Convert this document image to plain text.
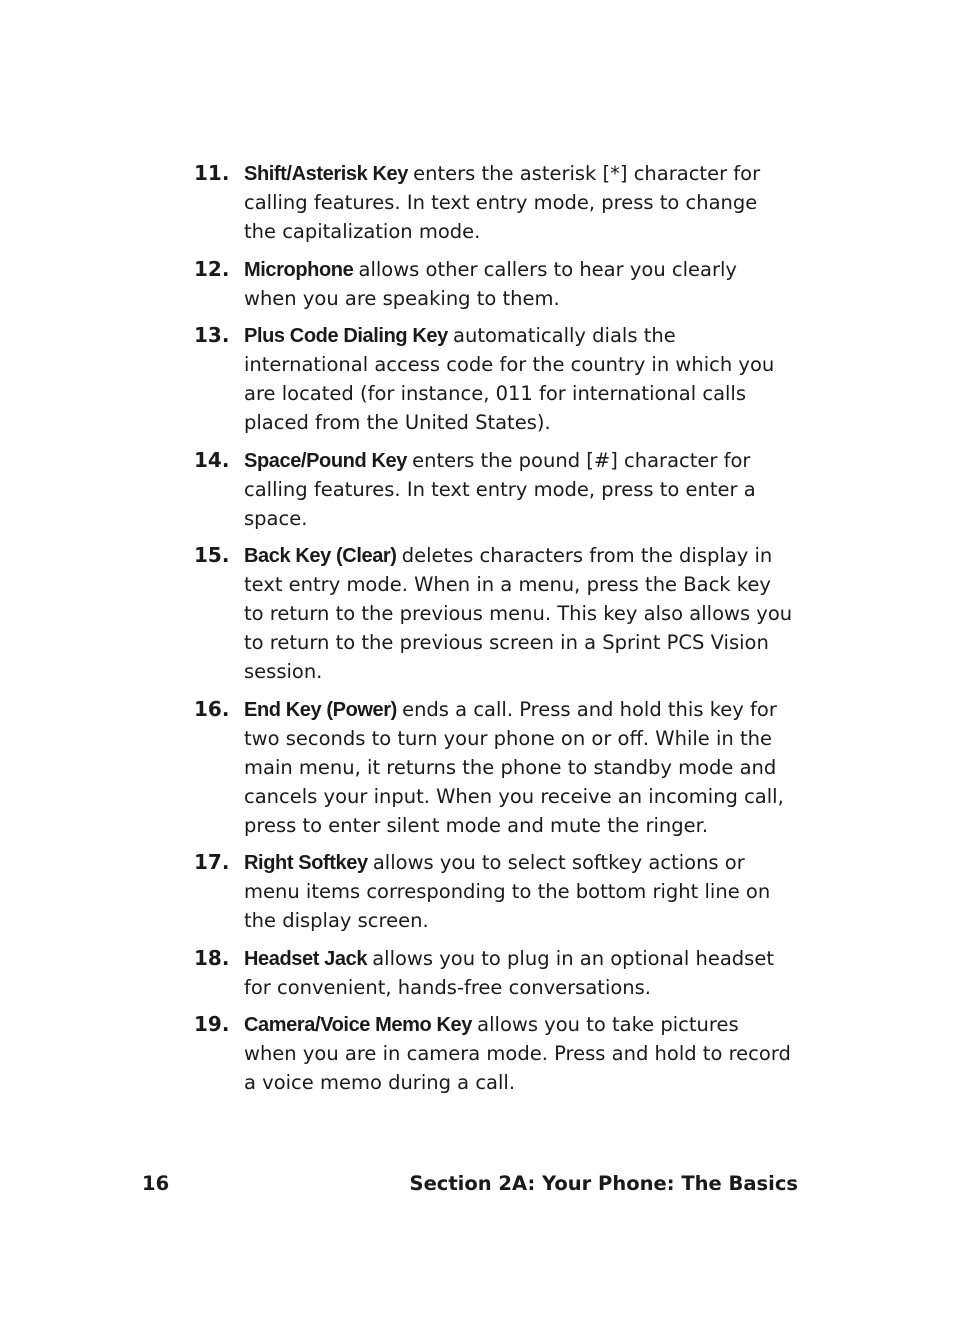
11. Shift/Asterisk Key enters the asterisk [*] character for calling features. In text entry mode, press to change the capitalization mode.
12. Microphone allows other callers to hear you clearly when you are speaking to them.
13. Plus Code Dialing Key automatically dials the international access code for the country in which you are located (for instance, 011 for international calls placed from the United States).
14. Space/Pound Key enters the pound [#] character for calling features. In text entry mode, press to enter a space.
15. Back Key (Clear) deletes characters from the display in text entry mode. When in a menu, press the Back key to return to the previous menu. This key also allows you to return to the previous screen in a Sprint PCS Vision session.
16. End Key (Power) ends a call. Press and hold this key for two seconds to turn your phone on or off. While in the main menu, it returns the phone to standby mode and cancels your input. When you receive an incoming call, press to enter silent mode and mute the ringer.
17. Right Softkey allows you to select softkey actions or menu items corresponding to the bottom right line on the display screen.
18. Headset Jack allows you to plug in an optional headset for convenient, hands-free conversations.
19. Camera/Voice Memo Key allows you to take pictures when you are in camera mode. Press and hold to record a voice memo during a call.
16	Section 2A: Your Phone: The Basics
